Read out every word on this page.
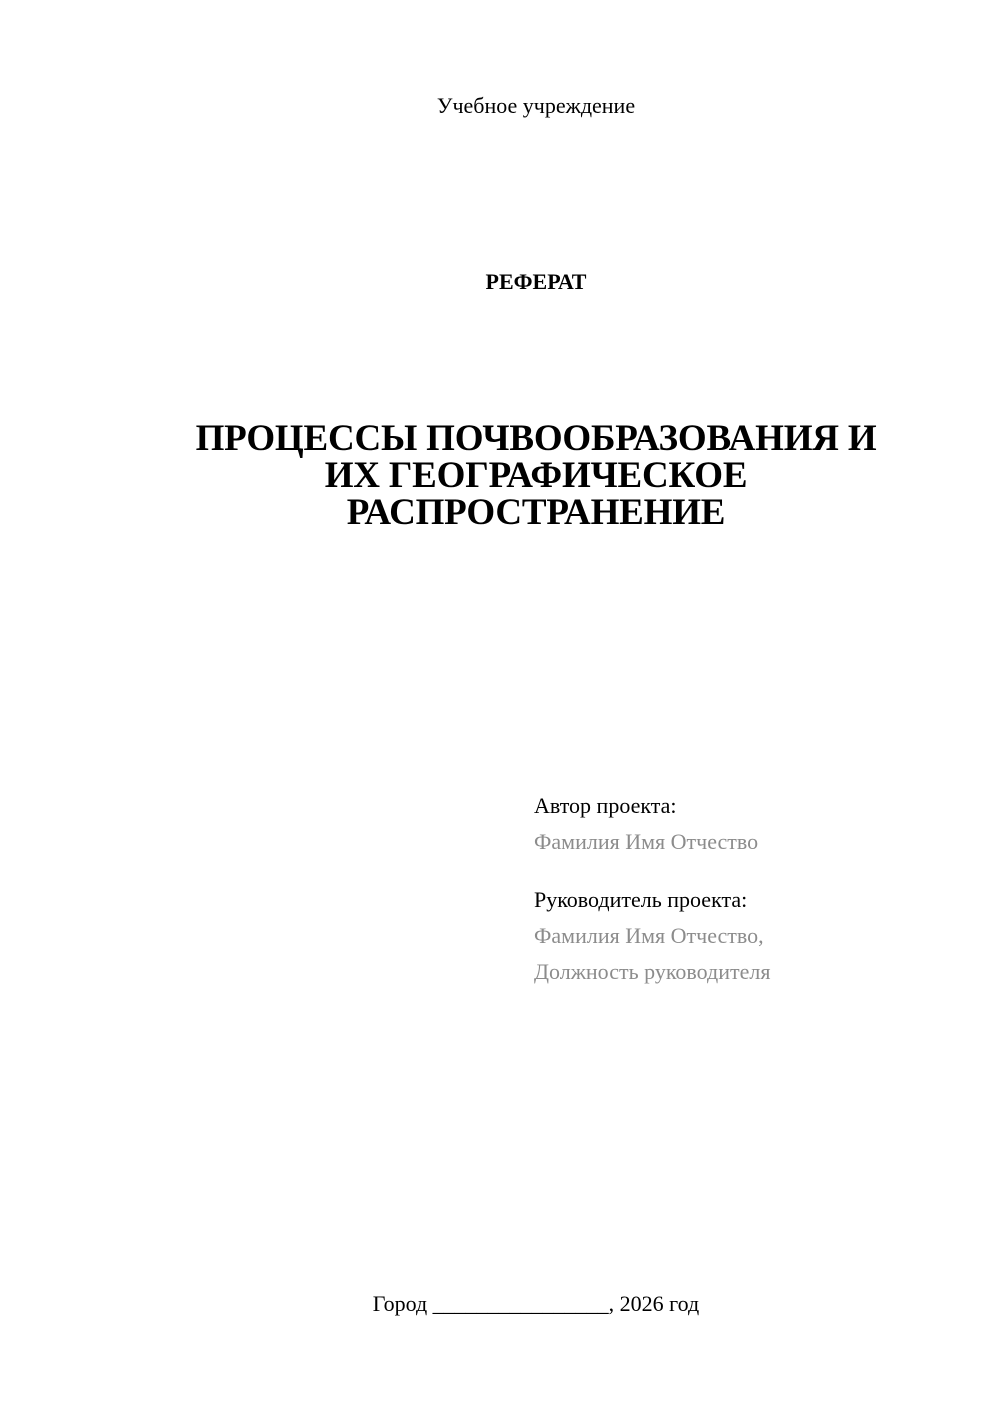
Учебное учреждение
РЕФЕРАТ
ПРОЦЕССЫ ПОЧВООБРАЗОВАНИЯ И
ИХ ГЕОГРАФИЧЕСКОЕ
РАСПРОСТРАНЕНИЕ
Автор проекта:
Фамилия Имя Отчество
Руководитель проекта:
Фамилия Имя Отчество,
Должность руководителя
Город ________________, 2026 год
